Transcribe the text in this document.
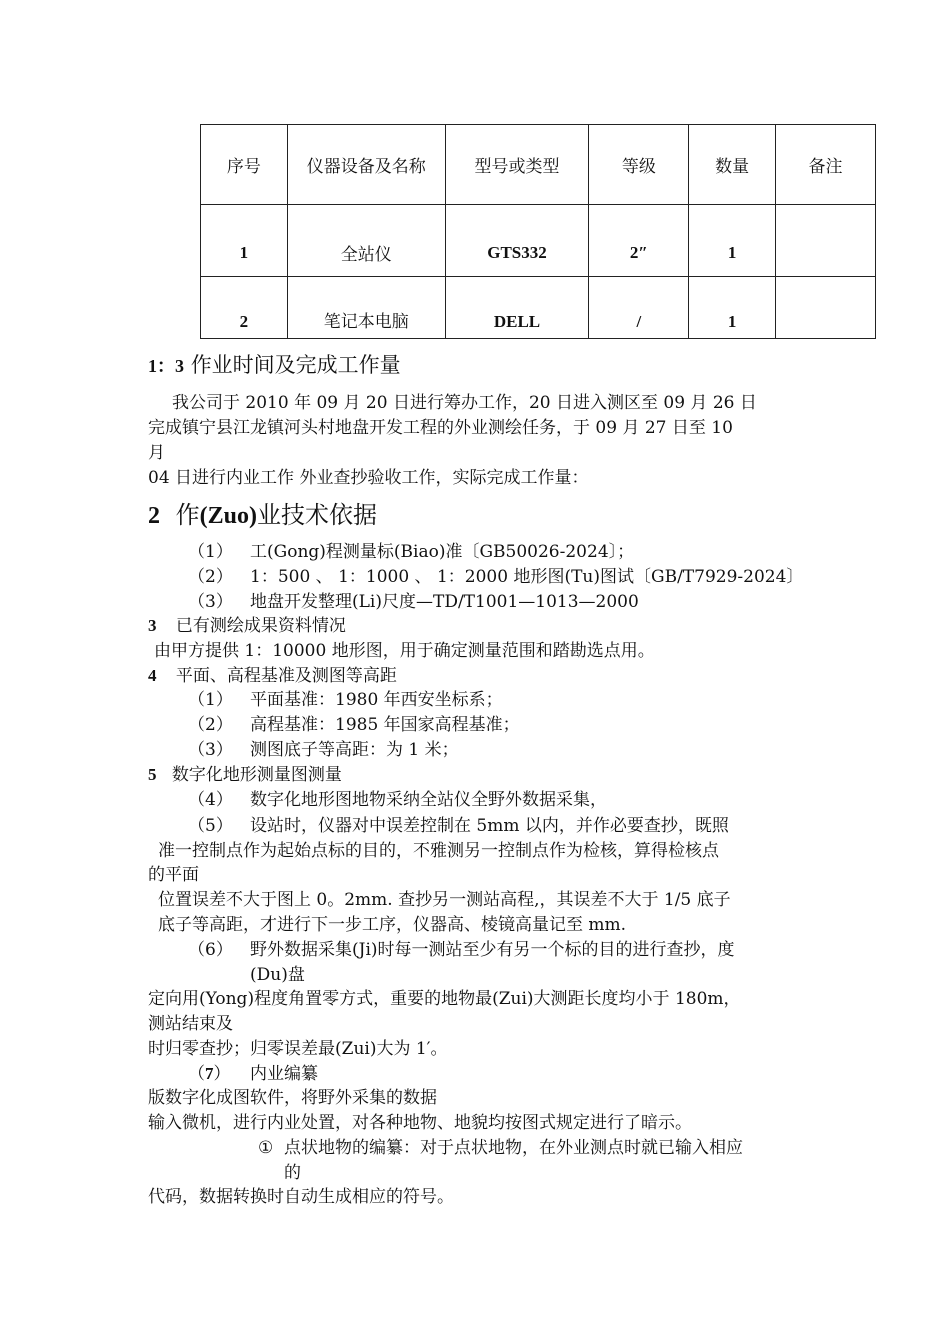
序号	仪器设备及名称	型号或类型	等级	数量	备注
1	全站仪	GTS332	2″	1	
2	笔记本电脑	DELL	/	1	
1：3 作业时间及完成工作量
我公司于 2010 年 09 月 20 日进行筹办工作，20 日进入测区至 09 月 26 日
完成镇宁县江龙镇河头村地盘开发工程的外业测绘任务，于 09 月 27 日至 10
月
04 日进行内业工作 外业查抄验收工作，实际完成工作量：
2 作(Zuo)业技术依据
（1） 工(Gong)程测量标(Biao)准〔GB50026-2024〕；
（2） 1：500 、 1：1000 、 1：2000 地形图(Tu)图试〔GB/T7929-2024〕
（3） 地盘开发整理(Li)尺度—TD/T1001—1013—2000
3 已有测绘成果资料情况
由甲方提供 1：10000 地形图，用于确定测量范围和踏勘选点用。
4 平面、高程基准及测图等高距
（1） 平面基准：1980 年西安坐标系；
（2） 高程基准：1985 年国家高程基准；
（3） 测图底子等高距：为 1 米；
5 数字化地形测量图测量
（4） 数字化地形图地物采纳全站仪全野外数据采集，
（5） 设站时，仪器对中误差控制在 5mm 以内，并作必要查抄，既照
准一控制点作为起始点标的目的，不雅测另一控制点作为检核，算得检核点
的平面
位置误差不大于图上 0。2mm. 查抄另一测站高程,，其误差不大于 1/5 底子
底子等高距，才进行下一步工序，仪器高、棱镜高量记至 mm.
（6） 野外数据采集(Ji)时每一测站至少有另一个标的目的进行查抄，度
(Du)盘
定向用(Yong)程度角置零方式，重要的地物最(Zui)大测距长度均小于 180m，
测站结束及
时归零查抄；归零误差最(Zui)大为 1′。
（7） 内业编纂
版数字化成图软件，将野外采集的数据
输入微机，进行内业处置，对各种地物、地貌均按图式规定进行了暗示。
① 点状地物的编纂：对于点状地物，在外业测点时就已输入相应
的
代码，数据转换时自动生成相应的符号。
